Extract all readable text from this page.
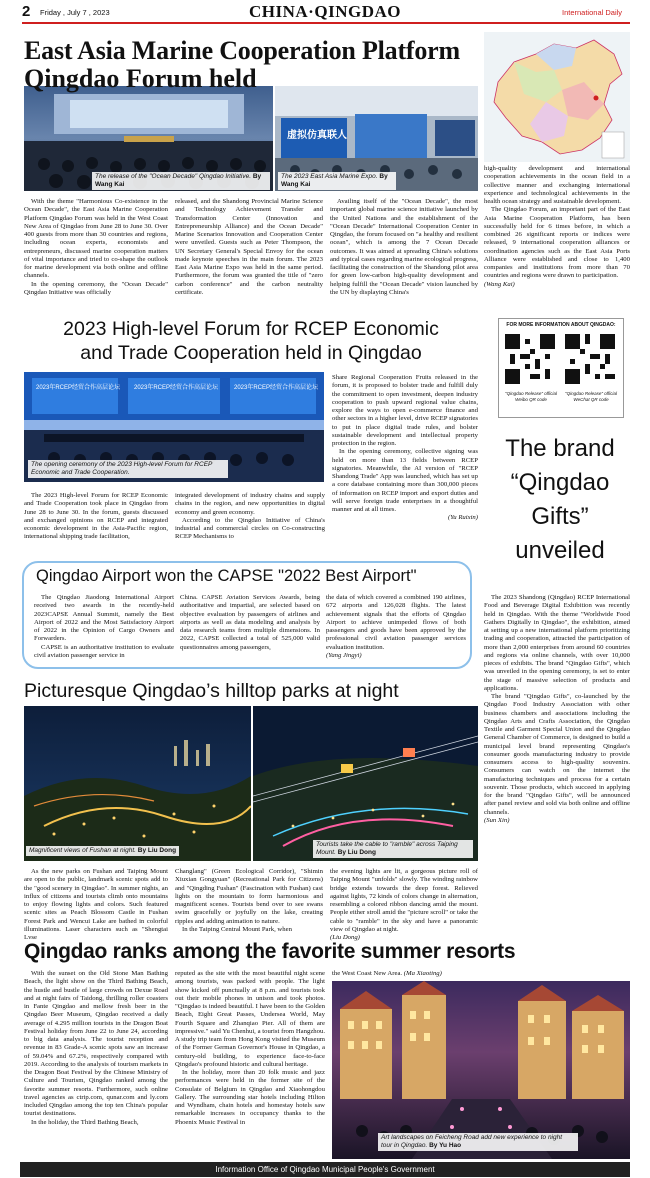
2 Friday , July 7 , 2023	CHINA·QINGDAO	International Daily
East Asia Marine Cooperation Platform
Qingdao Forum held
The release of the "Ocean Decade" Qingdao Initiative. By Wang Kai
虚拟仿真联人
The 2023 East Asia Marine Expo. By Wang Kai

With the theme "Harmonious Co-existence in the Ocean Decade", the East Asia Marine Cooperation Platform Qingdao Forum was held in the West Coast New Area of Qingdao from June 28 to June 30. Over 400 guests from more than 30 countries and regions, including ocean experts, economists and entrepreneurs, discussed marine cooperation matters of vital importance and tried to co-shape the outlook for marine development via both online and offline channels.

In the opening ceremony, the "Ocean Decade" Qingdao Initiative was officially

released, and the Shandong Provincial Marine Science and Technology Achievement Transfer and Transformation Center (Innovation and Entrepreneurship Alliance) and the Ocean Decade" Marine Scenarios Innovation and Cooperation Center were unveiled. Guests such as Peter Thompson, the UN Secretary General's Special Envoy for the ocean made keynote speeches in the main forum. The 2023 East Asia Marine Expo was held in the same period. Furthermore, the forum was granted the title of "zero carbon conference" and the carbon neutrality certificate.

Availing itself of the "Ocean Decade", the most important global marine science initiative launched by the United Nations and the establishment of the "Ocean Decade" International Cooperation Center in Qingdao, the forum focused on "a healthy and resilient ocean", which is among the 7 Ocean Decade outcomes. It was aimed at spreading China's solutions and typical cases regarding marine ecological progress, facilitating the construction of the Shandong pilot area for green low-carbon high-quality development and helping fulfill the "Ocean Decade" vision launched by the UN by displaying China's

high-quality development and international cooperation achievements in the ocean field in a collective manner and exchanging international experience and technological achievements in the health ocean strategy and sustainable development.

The Qingdao Forum, an important part of the East Asia Marine Cooperation Platform, has been successfully held for 6 times before, in which a combined 26 significant reports or indices were released, 9 international cooperation alliances or coordination agencies such as the East Asia Ports Alliance were established and close to 1,400 companies and institutions from more than 70 countries and regions were drawn to participation.

(Wang Kai)
2023 High-level Forum for RCEP Economic
and Trade Cooperation held in Qingdao
2023年RCEP经贸合作高层论坛 2023年RCEP经贸合作高层论坛	2023年RCEP经贸合作高层论坛
The opening ceremony of the 2023 High-level Forum for RCEP Economic and Trade Cooperation.

The 2023 High-level Forum for RCEP Economic and Trade Cooperation took place in Qingdao from June 28 to June 30. In the forum, guests discussed and exchanged opinions on RCEP and integrated economic development in the Asia-Pacific region, international shipping trade facilitation,

integrated development of industry chains and supply chains in the region, and new opportunities in digital economy and green economy.

According to the Qingdao Initiative of China's industrial and commercial circles on Co-constructing RCEP Mechanisms to

Share Regional Cooperation Fruits released in the forum, it is proposed to bolster trade and fulfill duly the commitment to open investment, deepen industry cooperation to push upward regional value chains, explore the ways to open e-commerce finance and other sectors in a higher level, drive RCEP signatories to put in place digital trade rules, and bolster sustainable development and intellectual property protection in the region.

In the opening ceremony, collective signing was held on more than 13 fields between RCEP signatories. Meanwhile, the AI version of "RCEP Shandong Trade" App was launched, which has set up a core database containing more than 300,000 pieces of information on RCEP import and export duties and will serve foreign trade enterprises in a thoughtful manner and at all times.

(Yu Ruixin)
FOR MORE INFORMATION ABOUT QINGDAO:
"Qingdao Release" official Weibo QR code
"Qingdao Release" official WeChat QR code
The brand
“Qingdao
Gifts”
unveiled

The 2023 Shandong (Qingdao) RCEP International Food and Beverage Digital Exhibition was recently held in Qingdao. With the theme "Worldwide Food Gathers Digitally in Qingdao", the exhibition, aimed at setting up a new international platform prioritizing trading and cooperation, attracted the participation of more than 2,000 enterprises from around 60 countries and regions via online channels, with over 10,000 pieces of exhibits. The brand "Qingdao Gifts", which was unveiled in the opening ceremony, is set to enter the stage of massive selection of products and applications.

The brand "Qingdao Gifts", co-launched by the Qingdao Food Industry Association with other business chambers and associations including the Qingdao Arts and Crafts Association, the Qingdao Textile and Garment Special Union and the Qingdao General Chamber of Commerce, is designed to build a municipal level brand representing Qingdao's consumer goods manufacturing industry to provide consumers access to high-quality souvenirs. Consumers can watch on the internet the manufacturing techniques and process for a certain souvenir. Those products, which succeed in applying for the brand "Qingdao Gifts", will be announced after panel review and sold via both online and offline channels.

(Sun Xin)
Qingdao Airport won the CAPSE "2022 Best Airport"

The Qingdao Jiaodong International Airport received two awards in the recently-held 2023CAPSE Annual Summit, namely the Best Airport of 2022 and the Most Satisfactory Airport of 2022 in the Opinion of Cargo Owners and Forwarders.

CAPSE is an authoritative institution to evaluate civil aviation passenger service in

China. CAPSE Aviation Services Awards, being authoritative and impartial, are selected based on objective evaluation by passengers of airlines and airports as well as data modeling and analysis by data research teams from multiple dimensions. In 2022, CAPSE collected a total of 525,000 valid questionnaires among passengers,

the data of which covered a combined 190 airlines, 672 airports and 126,028 flights. The latest achievement signals that the efforts of Qingdao Airport to achieve unimpeded flows of both passengers and goods have been approved by the professional civil aviation passenger services evaluation institution.

(Yang Jingyi)
Picturesque Qingdao’s hilltop parks at night
Magnificent views of Fushan at night. By Liu Dong
Tourists take the cable to "ramble" across Taiping Mount. By Liu Dong

As the new parks on Fushan and Taiping Mount are open to the public, landmark scenic spots add to the "good scenery in Qingdao". In summer nights, an influx of citizens and tourists climb onto mountains to enjoy flowing lights and colors. Such featured scenic sites as Peach Blossom Castle in Fushan Forest Park and Wencui Lake are bathed in colorful illuminations. Laser characters such as "Shengtai Lvse

Changlang" (Green Ecological Corridor), "Shimin Xiuxian Gongyuan" (Recreational Park for Citizens) and "Qingding Fushan" (Fascination with Fushan) cast lights on the mountain to form harmonious and magnificent scenes. Tourists bend over to see swans swim gracefully or joyfully on the lake, creating ripples and adding animation to nature.

In the Taiping Central Mount Park, when

the evening lights are lit, a gorgeous picture roll of Taiping Mount "unfolds" slowly. The winding rainbow bridge extends towards the deep forest. Relieved against lights, 72 kinds of colors change in alternation, resembling a colored ribbon dancing amid the mount. People either stroll amid the "picture scroll" or take the cable to "ramble" in the sky and have a panoramic view of Qingdao at night.

(Liu Dong)
Qingdao ranks among the favorite summer resorts

With the sunset on the Old Stone Man Bathing Beach, the light show on the Third Bathing Beach, the hustle and bustle of large crowds on Dexue Road and at night fairs of Taidong, thrilling roller coasters in Fante Qingdao and mellow fresh beer in the Qingdao Beer Museum, Qingdao received a daily average of 4.295 million tourists in the Dragon Boat Festival holiday from June 22 to June 24, according to big data analysis. The tourist reception and revenue in 83 Grade-A scenic spots saw an increase of 59.04% and 67.2%, respectively compared with 2019. According to the analysis of tourism markets in the Dragon Boat Festival by the Chinese Ministry of Culture and Tourism, Qingdao ranked among the favorite summer resorts. Furthermore, such online travel agencies as ctrip.com, qunar.com and ly.com included Qingdao among the top ten China's popular tourist destinations.

In the holiday, the Third Bathing Beach,

reputed as the site with the most beautiful night scene among tourists, was packed with people. The light show kicked off punctually at 8 p.m. and tourists took out their mobile phones in unison and took photos. "Qingdao is indeed beautiful. I have been to the Golden Beach, Eight Great Passes, Undersea World, May Fourth Square and Zhanqiao Pier. All of them are impressive." said Yu Chenhui, a tourist from Hangzhou. A study trip team from Hong Kong visited the Museum of the Former German Governor's House in Qingdao, a century-old building, to experience face-to-face Qingdao's profound historic and cultural heritage.

In the holiday, more than 20 folk music and jazz performances were held in the former site of the Consulate of Belgium in Qingdao and Xiaohongdou Gallery. The surrounding star hotels including Hilton and Wyndham, chain hotels and homestay hotels saw remarkable increases in occupancy thanks to the Phoenix Music Festival in

the West Coast New Area. (Ma Xiaoting)

Art landscapes on Feicheng Road add new experience to night tour in Qingdao. By Yu Hao
Information Office of Qingdao Municipal People's Government
